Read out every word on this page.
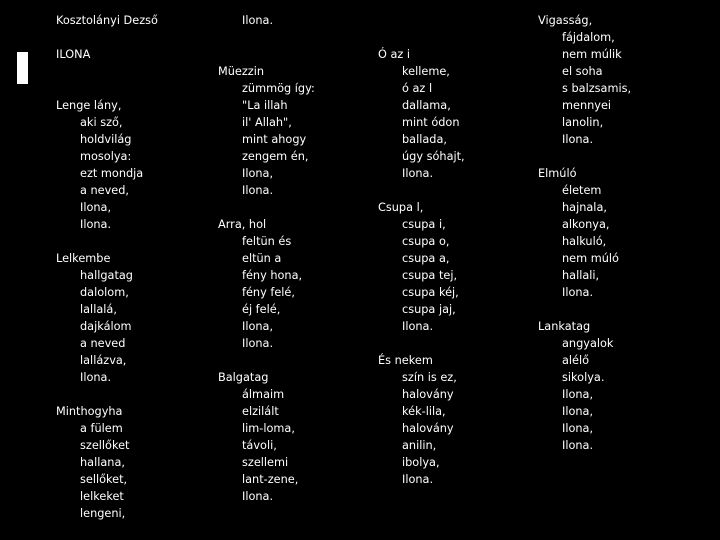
Kosztolányi Dezső
ILONA
Lenge lány,
aki sző,
holdvilág
mosolya:
ezt mondja
a neved,
Ilona,
Ilona.
Lelkembe
hallgatag
dalolom,
lallalá,
dajkálom
a neved
lallázva,
Ilona.
Minthogyha
a fülem
szellőket
hallana,
sellőket,
lelkeket
lengeni,
Ilona.
Müezzin
zümmög így:
"La illah
il' Allah",
mint ahogy
zengem én,
Ilona,
Ilona.
Arra, hol
feltün és
eltün a
fény hona,
fény felé,
éj felé,
Ilona,
Ilona.
Balgatag
álmaim
elzilált
lim-loma,
távoli,
szellemi
lant-zene,
Ilona.
Ó az i
kelleme,
ó az l
dallama,
mint ódon
ballada,
úgy sóhajt,
Ilona.
Csupa l,
csupa i,
csupa o,
csupa a,
csupa tej,
csupa kéj,
csupa jaj,
Ilona.
És nekem
szín is ez,
halovány
kék-lila,
halovány
anilin,
ibolya,
Ilona.
Vigasság,
fájdalom,
nem múlik
el soha
s balzsamis,
mennyei
lanolin,
Ilona.
Elmúló
életem
hajnala,
alkonya,
halkuló,
nem múló
hallali,
Ilona.
Lankatag
angyalok
alélő
sikolya.
Ilona,
Ilona,
Ilona,
Ilona.
